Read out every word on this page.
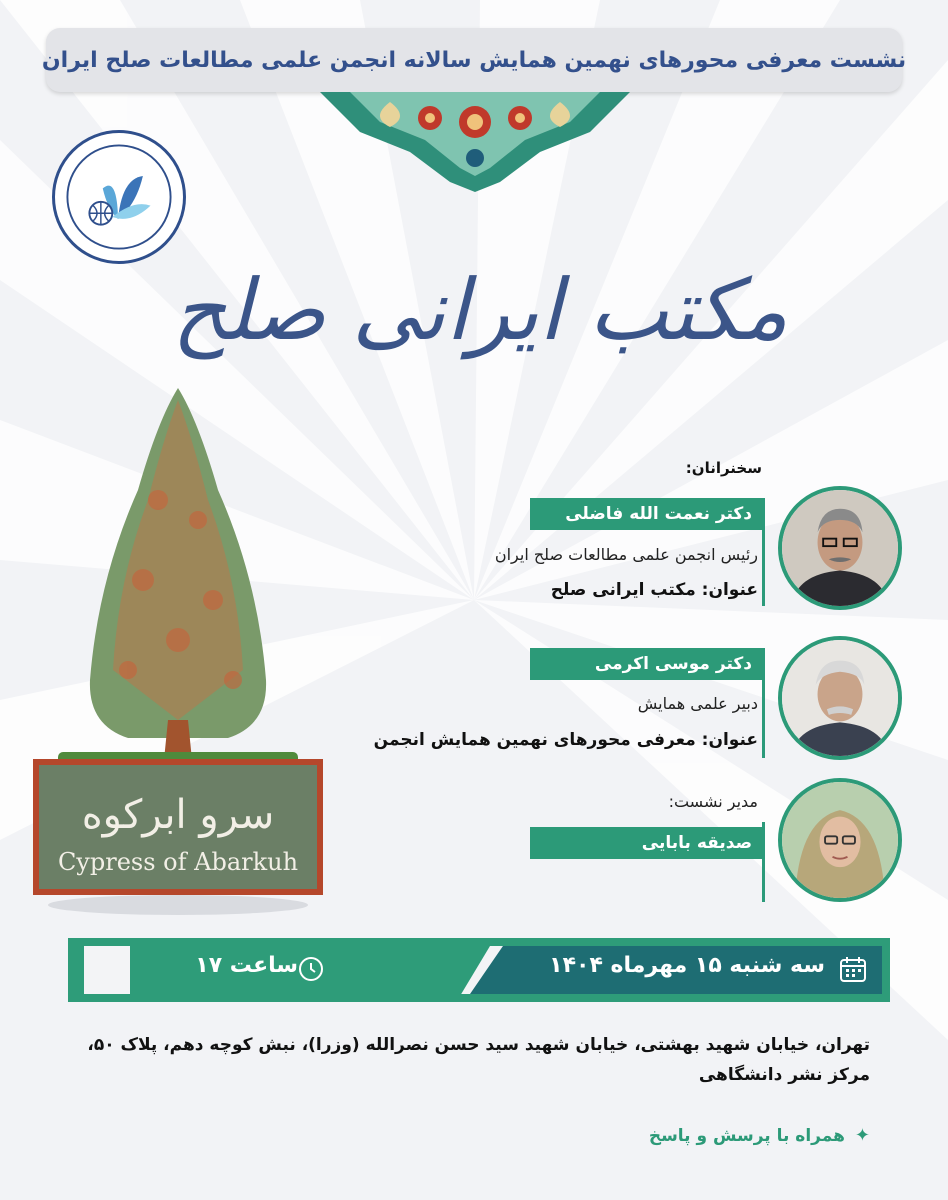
نشست معرفی محورهای نهمین همایش سالانه انجمن علمی مطالعات صلح ایران
مکتب ایرانی صلح
سرو ابرکوه
Cypress of Abarkuh
سخنرانان:
دکتر نعمت الله فاضلی
رئیس انجمن علمی مطالعات صلح ایران
عنوان: مکتب ایرانی صلح
دکتر موسی اکرمی
دبیر علمی همایش
عنوان: معرفی محورهای نهمین همایش انجمن
مدیر نشست:
صدیقه بابایی
ساعت ۱۷	سه شنبه ۱۵ مهرماه ۱۴۰۴
تهران، خیابان شهید بهشتی، خیابان شهید سید حسن نصرالله (وزرا)، نبش کوچه دهم، پلاک ۵۰، مرکز نشر دانشگاهی
✦
همراه با پرسش و پاسخ
